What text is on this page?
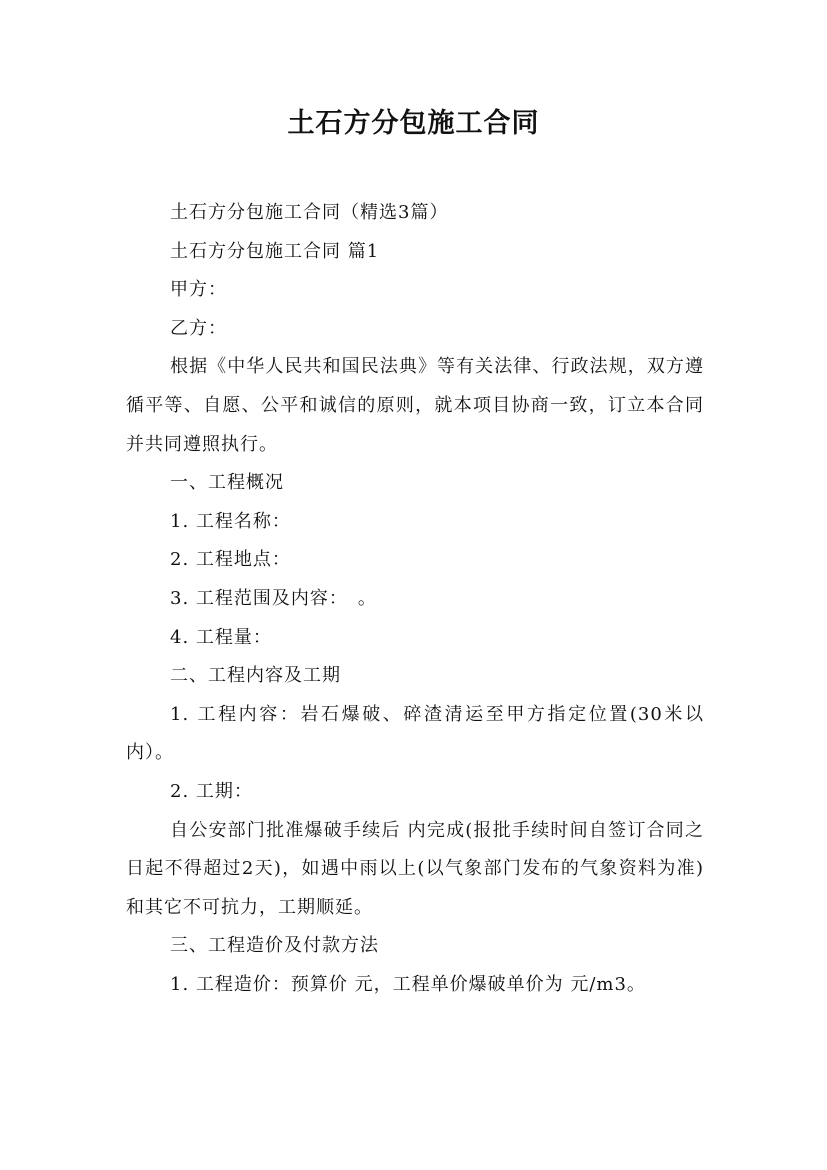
土石方分包施工合同

土石方分包施工合同（精选3篇）

土石方分包施工合同 篇1

甲方：

乙方：

根据《中华人民共和国民法典》等有关法律、行政法规，双方遵循平等、自愿、公平和诚信的原则，就本项目协商一致，订立本合同并共同遵照执行。

一、工程概况

1. 工程名称：

2. 工程地点：

3. 工程范围及内容：　。

4. 工程量：

二、工程内容及工期

1. 工程内容：岩石爆破、碎渣清运至甲方指定位置(30米以内）。

2. 工期：

自公安部门批准爆破手续后 内完成(报批手续时间自签订合同之日起不得超过2天)，如遇中雨以上(以气象部门发布的气象资料为准)和其它不可抗力，工期顺延。

三、工程造价及付款方法

1. 工程造价：预算价 元，工程单价爆破单价为 元/m3。
